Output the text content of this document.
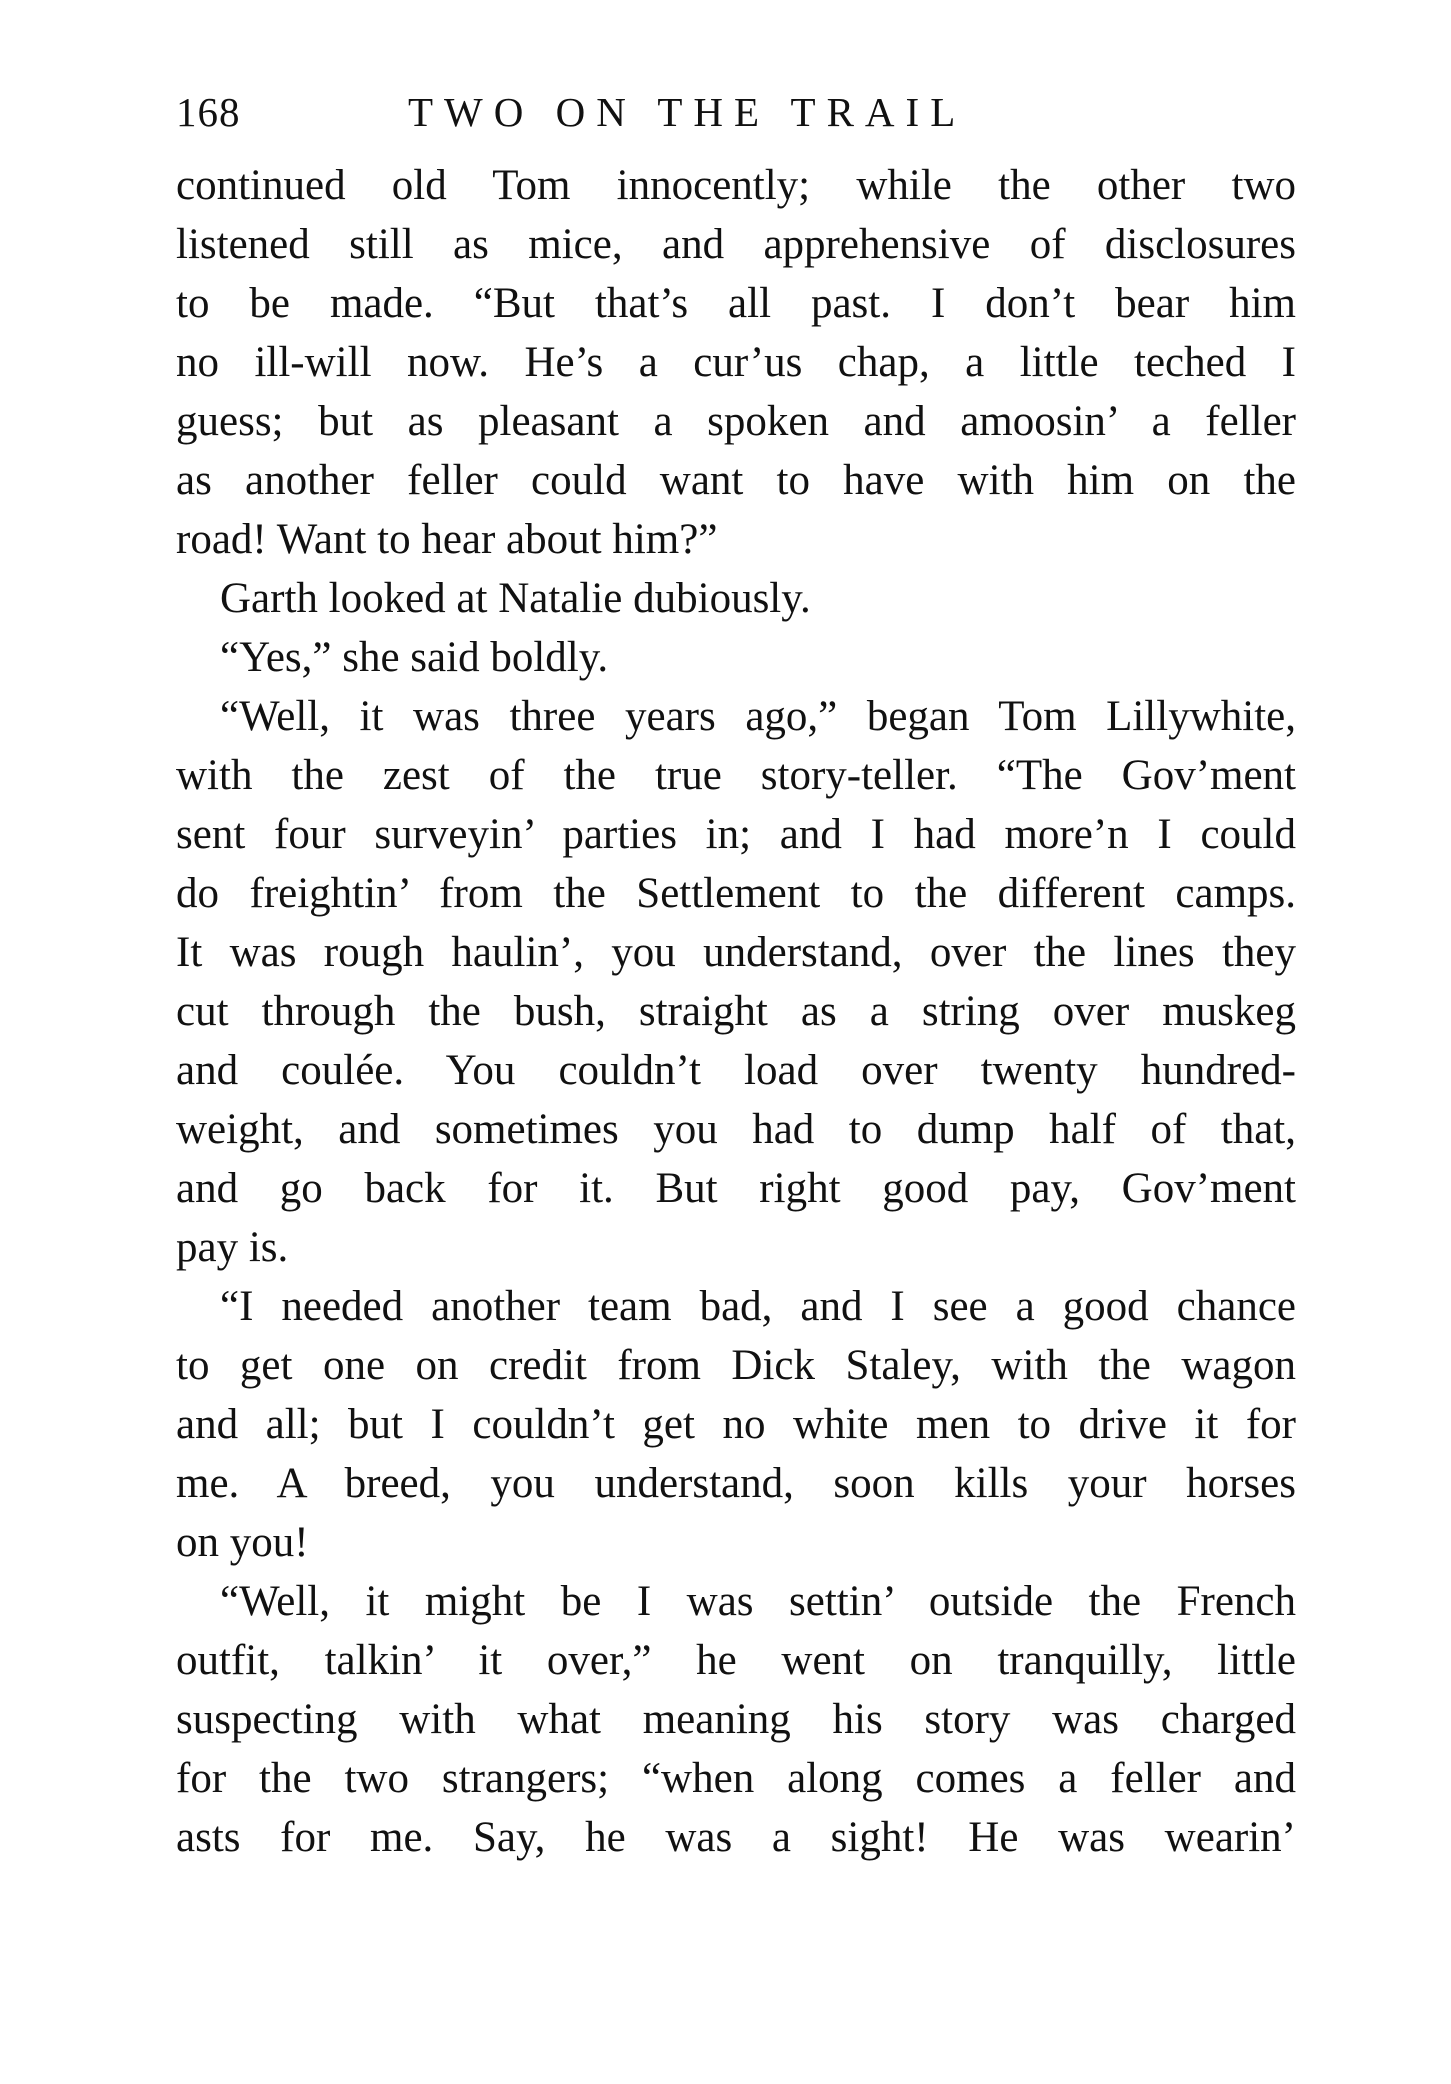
168	TWO ON THE TRAIL
continued old Tom innocently; while the other two
listened still as mice, and apprehensive of disclosures
to be made. “But that’s all past. I don’t bear him
no ill-will now. He’s a cur’us chap, a little teched I
guess; but as pleasant a spoken and amoosin’ a feller
as another feller could want to have with him on the
road! Want to hear about him?”
Garth looked at Natalie dubiously.
“Yes,” she said boldly.
“Well, it was three years ago,” began Tom Lillywhite,
with the zest of the true story-teller. “The Gov’ment
sent four surveyin’ parties in; and I had more’n I could
do freightin’ from the Settlement to the different camps.
It was rough haulin’, you understand, over the lines they
cut through the bush, straight as a string over muskeg
and coulée. You couldn’t load over twenty hundred-
weight, and sometimes you had to dump half of that,
and go back for it. But right good pay, Gov’ment
pay is.
“I needed another team bad, and I see a good chance
to get one on credit from Dick Staley, with the wagon
and all; but I couldn’t get no white men to drive it for
me. A breed, you understand, soon kills your horses
on you!
“Well, it might be I was settin’ outside the French
outfit, talkin’ it over,” he went on tranquilly, little
suspecting with what meaning his story was charged
for the two strangers; “when along comes a feller and
asts for me. Say, he was a sight! He was wearin’
